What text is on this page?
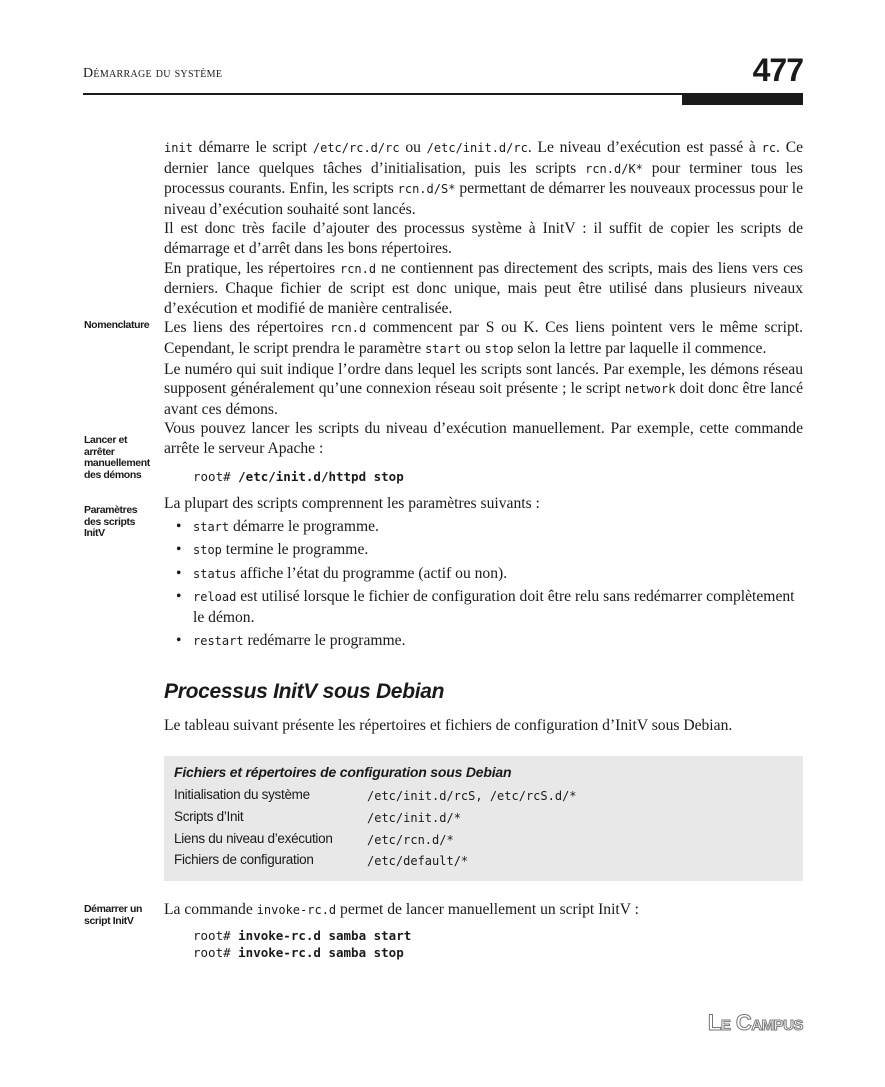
Démarrage du système	477
Nomenclature
Lancer et arrêter manuellement des démons
Paramètres des scripts InitV
Démarrer un script InitV

init démarre le script /etc/rc.d/rc ou /etc/init.d/rc. Le niveau d’exécution est passé à rc. Ce dernier lance quelques tâches d’initialisation, puis les scripts rcn.d/K* pour terminer tous les processus courants. Enfin, les scripts rcn.d/S* permettant de démarrer les nouveaux processus pour le niveau d’exécution souhaité sont lancés.

Il est donc très facile d’ajouter des processus système à InitV : il suffit de copier les scripts de démarrage et d’arrêt dans les bons répertoires.

En pratique, les répertoires rcn.d ne contiennent pas directement des scripts, mais des liens vers ces derniers. Chaque fichier de script est donc unique, mais peut être utilisé dans plusieurs niveaux d’exécution et modifié de manière centralisée.

Les liens des répertoires rcn.d commencent par S ou K. Ces liens pointent vers le même script. Cependant, le script prendra le paramètre start ou stop selon la lettre par laquelle il commence.

Le numéro qui suit indique l’ordre dans lequel les scripts sont lancés. Par exemple, les démons réseau supposent généralement qu’une connexion réseau soit présente ; le script network doit donc être lancé avant ces démons.

Vous pouvez lancer les scripts du niveau d’exécution manuellement. Par exemple, cette commande arrête le serveur Apache :

root# /etc/init.d/httpd stop

La plupart des scripts comprennent les paramètres suivants :

• start démarre le programme.
• stop termine le programme.
• status affiche l’état du programme (actif ou non).
• reload est utilisé lorsque le fichier de configuration doit être relu sans redémarrer complètement le démon.
• restart redémarre le programme.
Processus InitV sous Debian

Le tableau suivant présente les répertoires et fichiers de configuration d’InitV sous Debian.

Fichiers et répertoires de configuration sous Debian
Initialisation du système	/etc/init.d/rcS, /etc/rcS.d/*
Scripts d’Init	/etc/init.d/*
Liens du niveau d’exécution	/etc/rcn.d/*
Fichiers de configuration	/etc/default/*

La commande invoke-rc.d permet de lancer manuellement un script InitV :

root# invoke-rc.d samba start
root# invoke-rc.d samba stop
Le Campus
